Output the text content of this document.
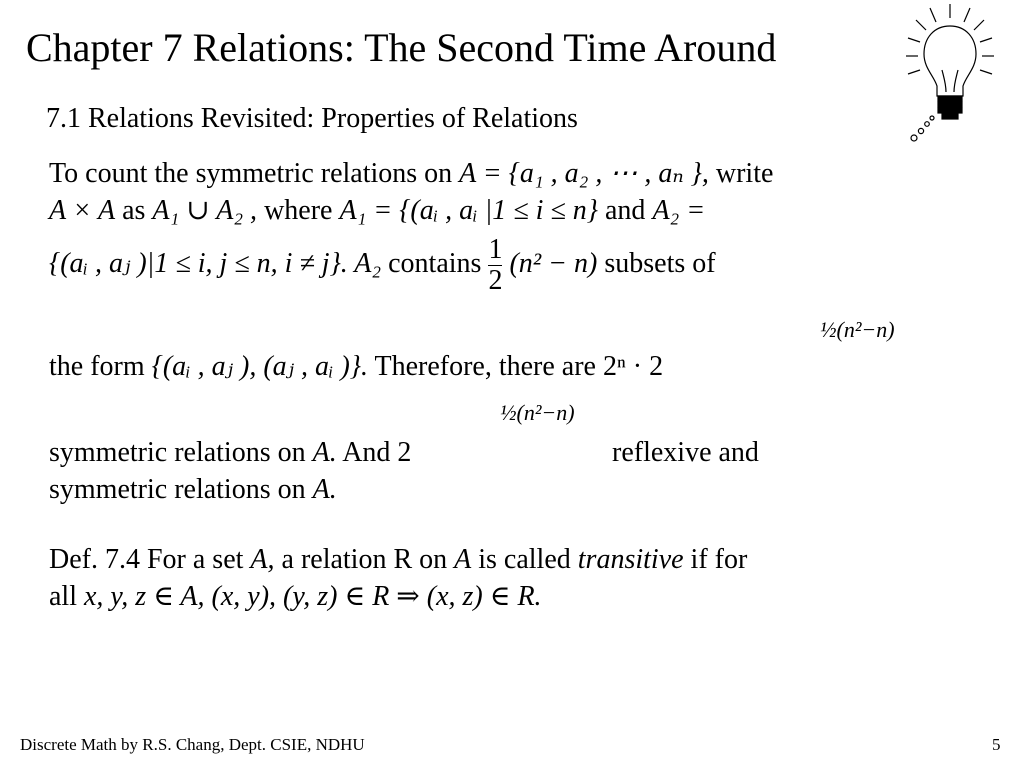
Chapter 7 Relations: The Second Time Around
7.1 Relations Revisited: Properties of Relations
To count the symmetric relations on A = {a₁ , a₂ , ⋯ , aₙ }, write
A × A as A₁ ∪ A₂ , where A₁ = {(aᵢ , aᵢ |1 ≤ i ≤ n} and A₂ =
{(aᵢ , aⱼ )|1 ≤ i, j ≤ n, i ≠ j}. A₂ contains $\frac{1}{2} (n^2 - n)$ subsets of
the form {(aᵢ , aⱼ ), (aⱼ , aᵢ )}. Therefore, there are 2ⁿ · 2
½(n²−n)
symmetric relations on A. And 2
½(n²−n)
reflexive and
symmetric relations on A.
Def. 7.4 For a set A, a relation R on A is called transitive if for
all x, y, z ∈ A, (x, y), (y, z) ∈ R ⇒ (x, z) ∈ R.
Discrete Math by R.S. Chang, Dept. CSIE, NDHU	5
